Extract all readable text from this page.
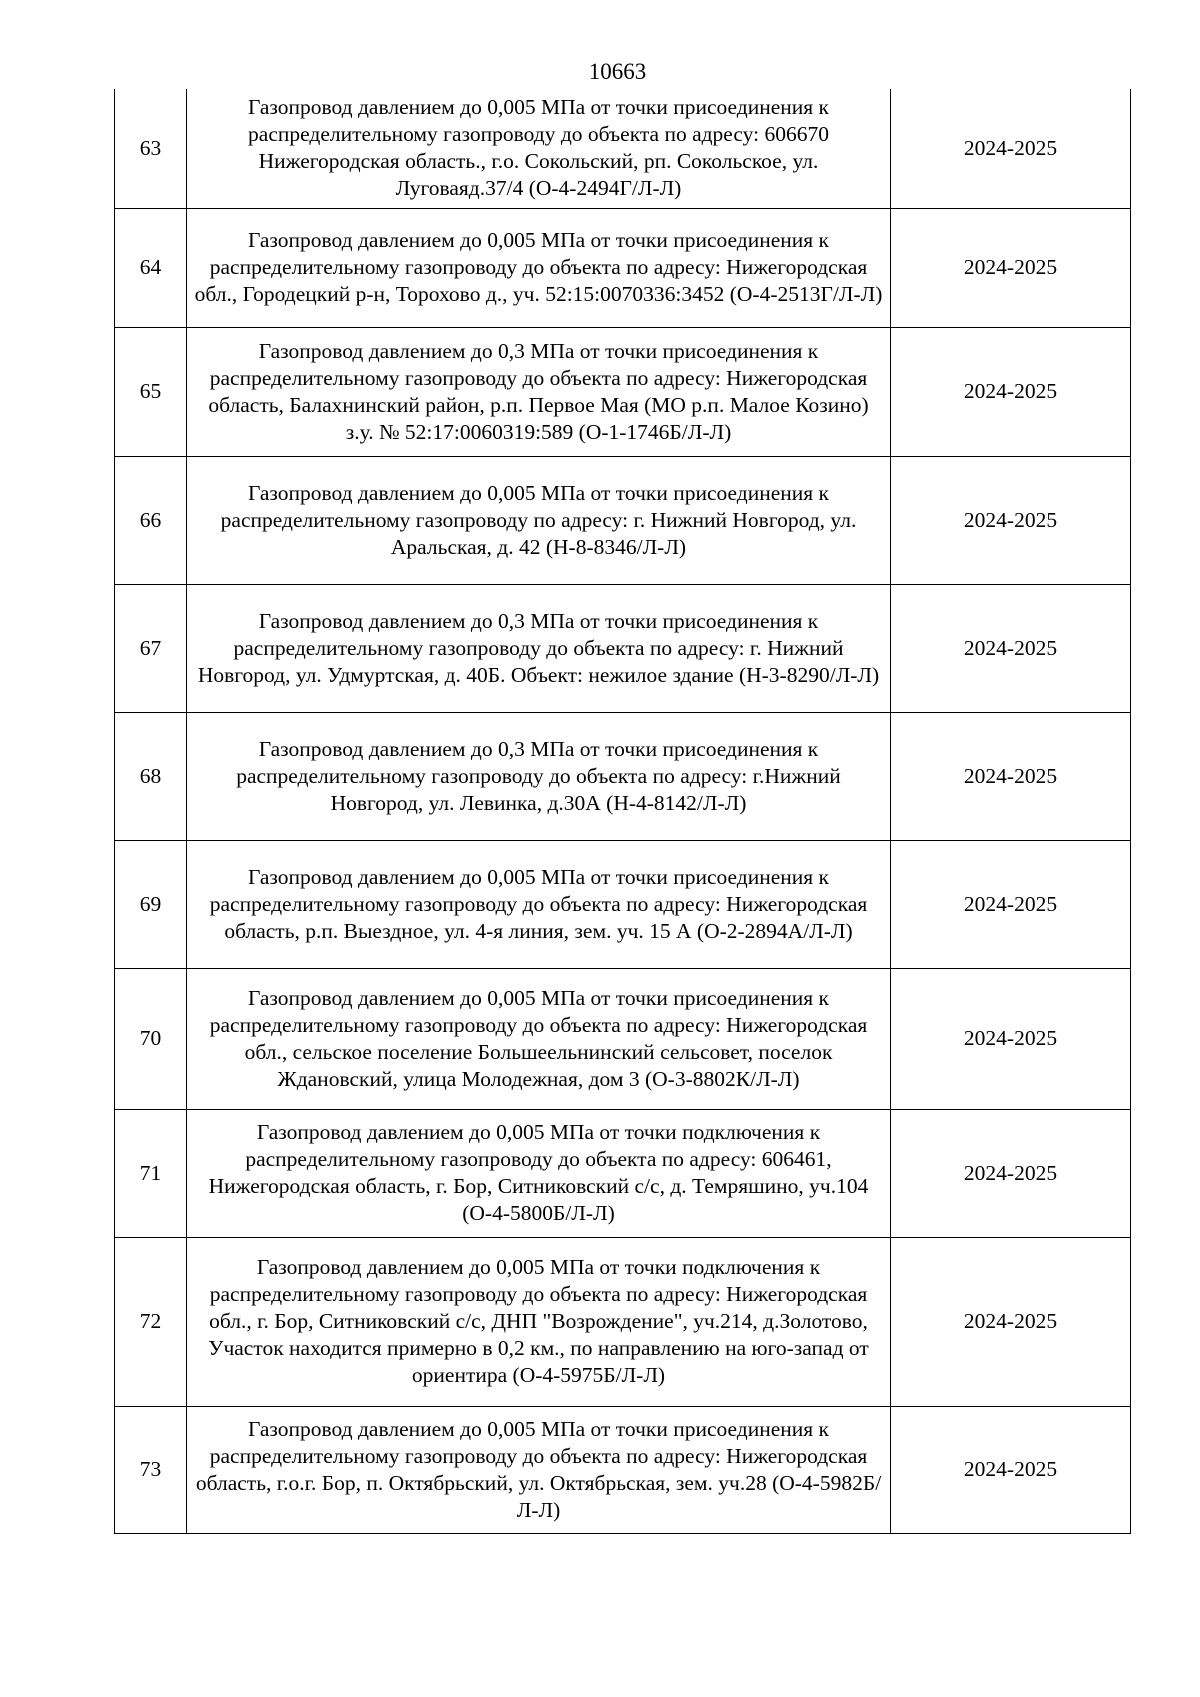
10663
63	Газопровод давлением до 0,005 МПа от точки присоединения к распределительному газопроводу до объекта по адресу: 606670 Нижегородская область., г.о. Сокольский, рп. Сокольское, ул. Луговаяд.37/4 (О-4-2494Г/Л-Л)	2024-2025
64	Газопровод давлением до 0,005 МПа от точки присоединения к распределительному газопроводу до объекта по адресу: Нижегородская обл., Городецкий р-н, Торохово д., уч. 52:15:0070336:3452 (О-4-2513Г/Л-Л)	2024-2025
65	Газопровод давлением до 0,3 МПа от точки присоединения к распределительному газопроводу до объекта по адресу: Нижегородская область, Балахнинский район, р.п. Первое Мая (МО р.п. Малое Козино) з.у. № 52:17:0060319:589 (О-1-1746Б/Л-Л)	2024-2025
66	Газопровод давлением до 0,005 МПа от точки присоединения к распределительному газопроводу по адресу: г. Нижний Новгород, ул. Аральская, д. 42 (Н-8-8346/Л-Л)	2024-2025
67	Газопровод давлением до 0,3 МПа от точки присоединения к распределительному газопроводу до объекта по адресу: г. Нижний Новгород, ул. Удмуртская, д. 40Б. Объект: нежилое здание (Н-3-8290/Л-Л)	2024-2025
68	Газопровод давлением до 0,3 МПа от точки присоединения к распределительному газопроводу до объекта по адресу: г.Нижний Новгород, ул. Левинка, д.30А (Н-4-8142/Л-Л)	2024-2025
69	Газопровод давлением до 0,005 МПа от точки присоединения к распределительному газопроводу до объекта по адресу: Нижегородская область, р.п. Выездное, ул. 4-я линия, зем. уч. 15 А (О-2-2894А/Л-Л)	2024-2025
70	Газопровод давлением до 0,005 МПа от точки присоединения к распределительному газопроводу до объекта по адресу: Нижегородская обл., сельское поселение Большеельнинский сельсовет, поселок Ждановский, улица Молодежная, дом 3 (О-3-8802К/Л-Л)	2024-2025
71	Газопровод давлением до 0,005 МПа от точки подключения к распределительному газопроводу до объекта по адресу: 606461, Нижегородская область, г. Бор, Ситниковский с/с, д. Темряшино, уч.104 (О-4-5800Б/Л-Л)	2024-2025
72	Газопровод давлением до 0,005 МПа от точки подключения к распределительному газопроводу до объекта по адресу: Нижегородская обл., г. Бор, Ситниковский с/с, ДНП "Возрождение", уч.214, д.Золотово, Участок находится примерно в 0,2 км., по направлению на юго-запад от ориентира (О-4-5975Б/Л-Л)	2024-2025
73	Газопровод давлением до 0,005 МПа от точки присоединения к распределительному газопроводу до объекта по адресу: Нижегородская область, г.о.г. Бор, п. Октябрьский, ул. Октябрьская, зем. уч.28 (О-4-5982Б/Л-Л)	2024-2025
